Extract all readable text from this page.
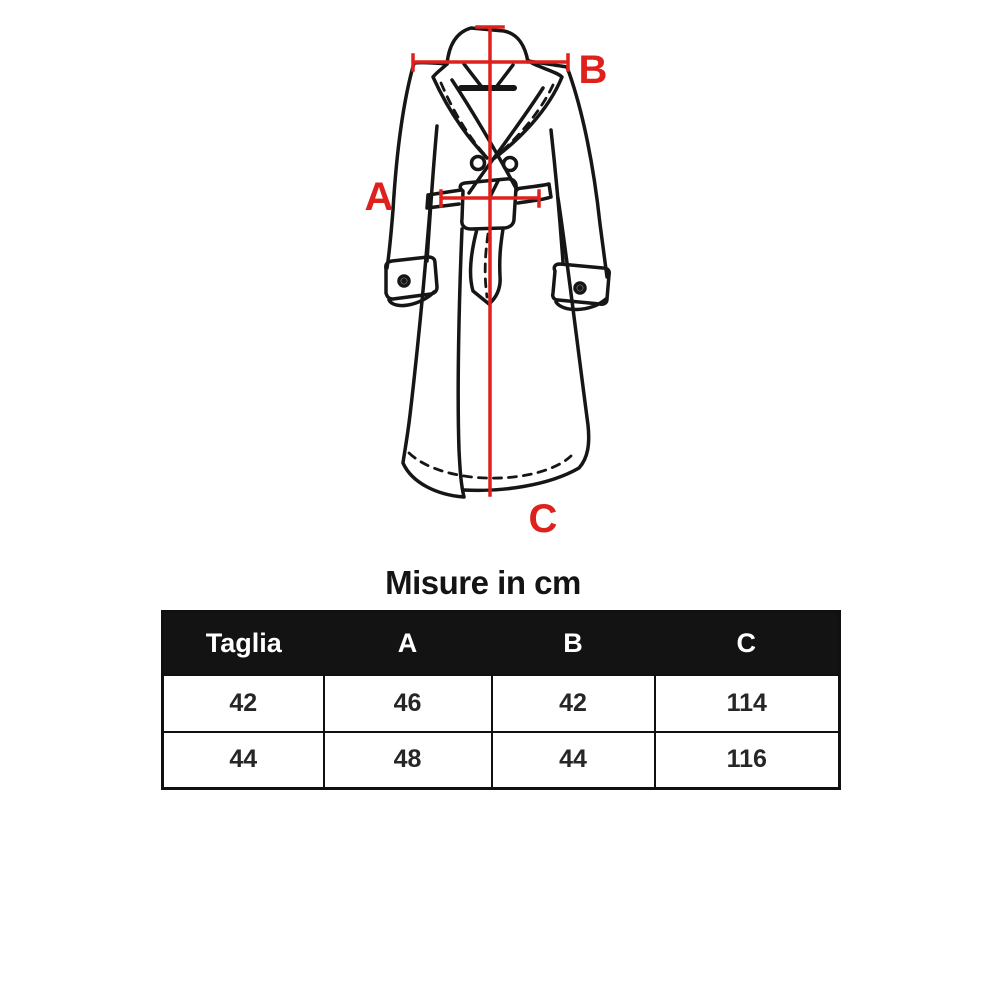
A
B
C
Misure in cm
Taglia	A	B	C
42	46	42	114
44	48	44	116
